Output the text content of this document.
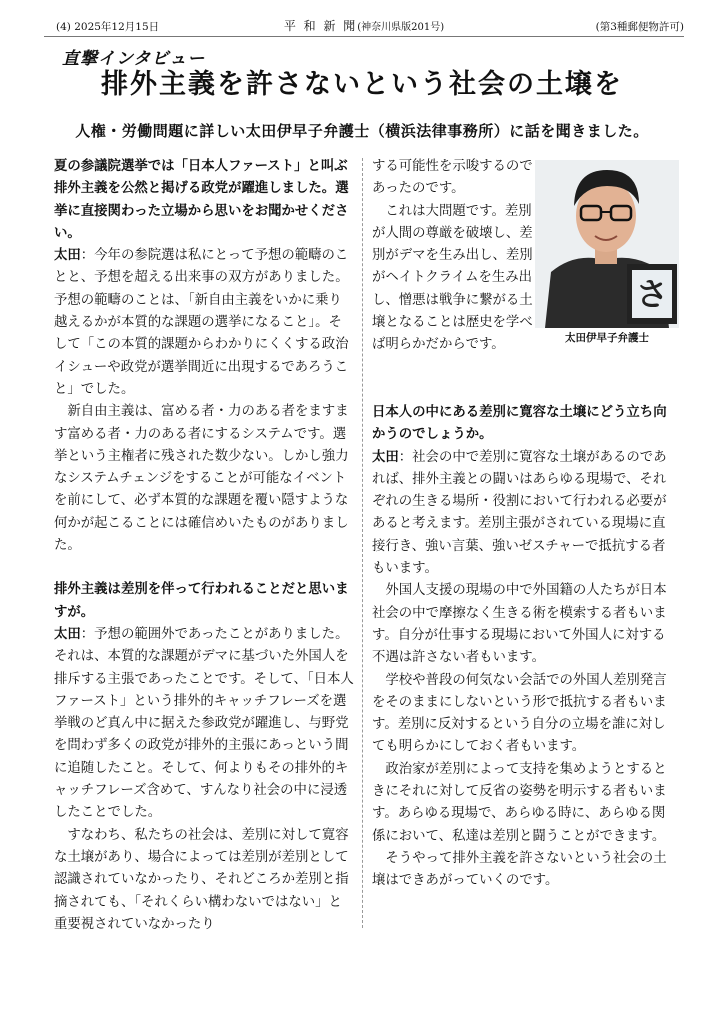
(4) 2025年12月15日	平 和 新 聞(神奈川県版201号)	(第3種郵便物許可)
直撃インタビュー
排外主義を許さないという社会の土壌を
人権・労働問題に詳しい太田伊早子弁護士（横浜法律事務所）に話を聞きました。

夏の参議院選挙では「日本人ファースト」と叫ぶ排外主義を公然と掲げる政党が躍進しました。選挙に直接関わった立場から思いをお聞かせください。

太田：今年の参院選は私にとって予想の範疇のことと、予想を超える出来事の双方がありました。予想の範疇のことは、「新自由主義をいかに乗り越えるかが本質的な課題の選挙になること」。そして「この本質的課題からわかりにくくする政治イシューや政党が選挙間近に出現するであろうこと」でした。

新自由主義は、富める者・力のある者をますます富める者・力のある者にするシステムです。選挙という主権者に残された数少ない。しかし強力なシステムチェンジをすることが可能なイベントを前にして、必ず本質的な課題を覆い隠すような何かが起こることには確信めいたものがありました。

排外主義は差別を伴って行われることだと思いますが。

太田：予想の範囲外であったことがありました。それは、本質的な課題がデマに基づいた外国人を排斥する主張であったことです。そして、「日本人ファースト」という排外的キャッチフレーズを選挙戦のど真ん中に据えた参政党が躍進し、与野党を問わず多くの政党が排外的主張にあっという間に追随したこと。そして、何よりもその排外的キャッチフレーズ含めて、すんなり社会の中に浸透したことでした。

すなわち、私たちの社会は、差別に対して寛容な土壌があり、場合によっては差別が差別として認識されていなかったり、それどころか差別と指摘されても、「それくらい構わないではない」と重要視されていなかったり

する可能性を示唆するのであったのです。

これは大問題です。差別が人間の尊厳を破壊し、差別がデマを生み出し、差別がヘイトクライムを生み出し、憎悪は戦争に繋がる土壌となることは歴史を学べば明らかだからです。

さ
太田伊早子弁護士

日本人の中にある差別に寛容な土壌にどう立ち向かうのでしょうか。

太田：社会の中で差別に寛容な土壌があるのであれば、排外主義との闘いはあらゆる現場で、それぞれの生きる場所・役割において行われる必要があると考えます。差別主張がされている現場に直接行き、強い言葉、強いゼスチャーで抵抗する者もいます。

外国人支援の現場の中で外国籍の人たちが日本社会の中で摩擦なく生きる術を模索する者もいます。自分が仕事する現場において外国人に対する不遇は許さない者もいます。

学校や普段の何気ない会話での外国人差別発言をそのままにしないという形で抵抗する者もいます。差別に反対するという自分の立場を誰に対しても明らかにしておく者もいます。

政治家が差別によって支持を集めようとするときにそれに対して反省の姿勢を明示する者もいます。あらゆる現場で、あらゆる時に、あらゆる関係において、私達は差別と闘うことができます。

そうやって排外主義を許さないという社会の土壌はできあがっていくのです。
